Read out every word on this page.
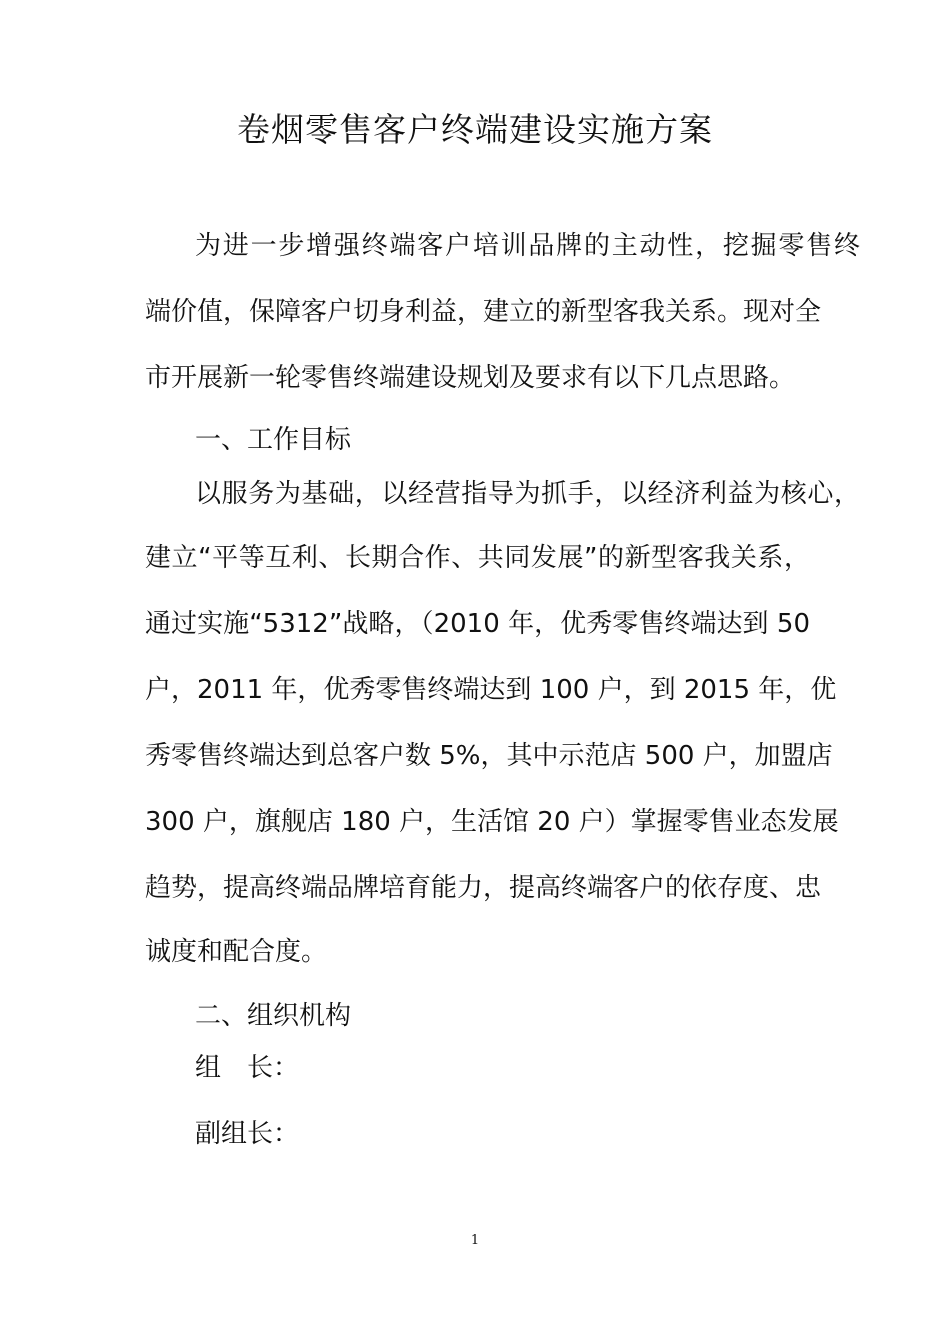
卷烟零售客户终端建设实施方案
为进一步增强终端客户培训品牌的主动性，挖掘零售终
端价值，保障客户切身利益，建立的新型客我关系。现对全
市开展新一轮零售终端建设规划及要求有以下几点思路。
一、工作目标
以服务为基础，以经营指导为抓手，以经济利益为核心，
建立“平等互利、长期合作、共同发展”的新型客我关系，
通过实施“5312”战略，（2010 年，优秀零售终端达到 50
户，2011 年，优秀零售终端达到 100 户，到 2015 年，优
秀零售终端达到总客户数 5%，其中示范店 500 户，加盟店
300 户，旗舰店 180 户，生活馆 20 户）掌握零售业态发展
趋势，提高终端品牌培育能力，提高终端客户的依存度、忠
诚度和配合度。
二、组织机构
组　长：
副组长：
1
